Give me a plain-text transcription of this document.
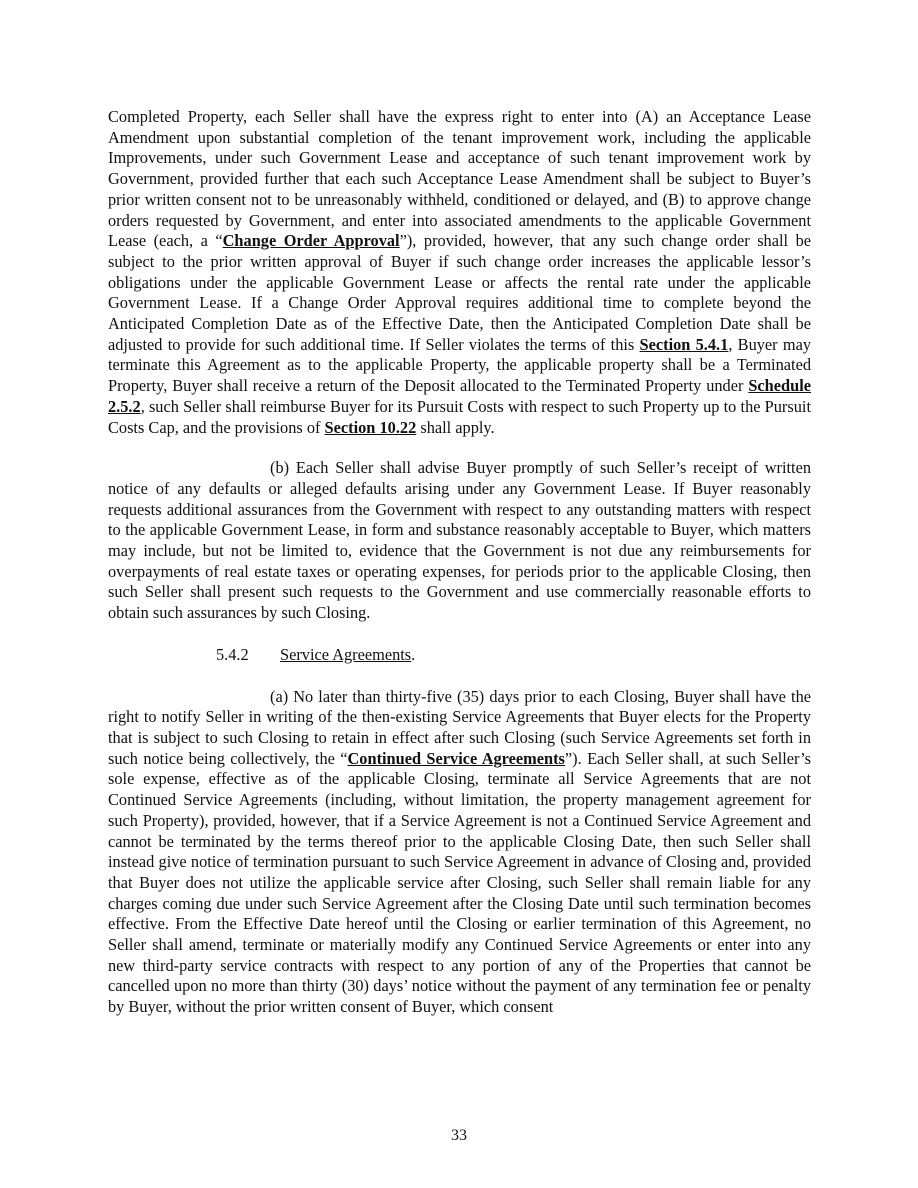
Completed Property, each Seller shall have the express right to enter into (A) an Acceptance Lease Amendment upon substantial completion of the tenant improvement work, including the applicable Improvements, under such Government Lease and acceptance of such tenant improvement work by Government, provided further that each such Acceptance Lease Amendment shall be subject to Buyer’s prior written consent not to be unreasonably withheld, conditioned or delayed, and (B) to approve change orders requested by Government, and enter into associated amendments to the applicable Government Lease (each, a “Change Order Approval”), provided, however, that any such change order shall be subject to the prior written approval of Buyer if such change order increases the applicable lessor’s obligations under the applicable Government Lease or affects the rental rate under the applicable Government Lease. If a Change Order Approval requires additional time to complete beyond the Anticipated Completion Date as of the Effective Date, then the Anticipated Completion Date shall be adjusted to provide for such additional time. If Seller violates the terms of this Section 5.4.1, Buyer may terminate this Agreement as to the applicable Property, the applicable property shall be a Terminated Property, Buyer shall receive a return of the Deposit allocated to the Terminated Property under Schedule 2.5.2, such Seller shall reimburse Buyer for its Pursuit Costs with respect to such Property up to the Pursuit Costs Cap, and the provisions of Section 10.22 shall apply.

(b) Each Seller shall advise Buyer promptly of such Seller’s receipt of written notice of any defaults or alleged defaults arising under any Government Lease. If Buyer reasonably requests additional assurances from the Government with respect to any outstanding matters with respect to the applicable Government Lease, in form and substance reasonably acceptable to Buyer, which matters may include, but not be limited to, evidence that the Government is not due any reimbursements for overpayments of real estate taxes or operating expenses, for periods prior to the applicable Closing, then such Seller shall present such requests to the Government and use commercially reasonable efforts to obtain such assurances by such Closing.

5.4.2 Service Agreements.

(a) No later than thirty-five (35) days prior to each Closing, Buyer shall have the right to notify Seller in writing of the then-existing Service Agreements that Buyer elects for the Property that is subject to such Closing to retain in effect after such Closing (such Service Agreements set forth in such notice being collectively, the “Continued Service Agreements”). Each Seller shall, at such Seller’s sole expense, effective as of the applicable Closing, terminate all Service Agreements that are not Continued Service Agreements (including, without limitation, the property management agreement for such Property), provided, however, that if a Service Agreement is not a Continued Service Agreement and cannot be terminated by the terms thereof prior to the applicable Closing Date, then such Seller shall instead give notice of termination pursuant to such Service Agreement in advance of Closing and, provided that Buyer does not utilize the applicable service after Closing, such Seller shall remain liable for any charges coming due under such Service Agreement after the Closing Date until such termination becomes effective. From the Effective Date hereof until the Closing or earlier termination of this Agreement, no Seller shall amend, terminate or materially modify any Continued Service Agreements or enter into any new third-party service contracts with respect to any portion of any of the Properties that cannot be cancelled upon no more than thirty (30) days’ notice without the payment of any termination fee or penalty by Buyer, without the prior written consent of Buyer, which consent

33
